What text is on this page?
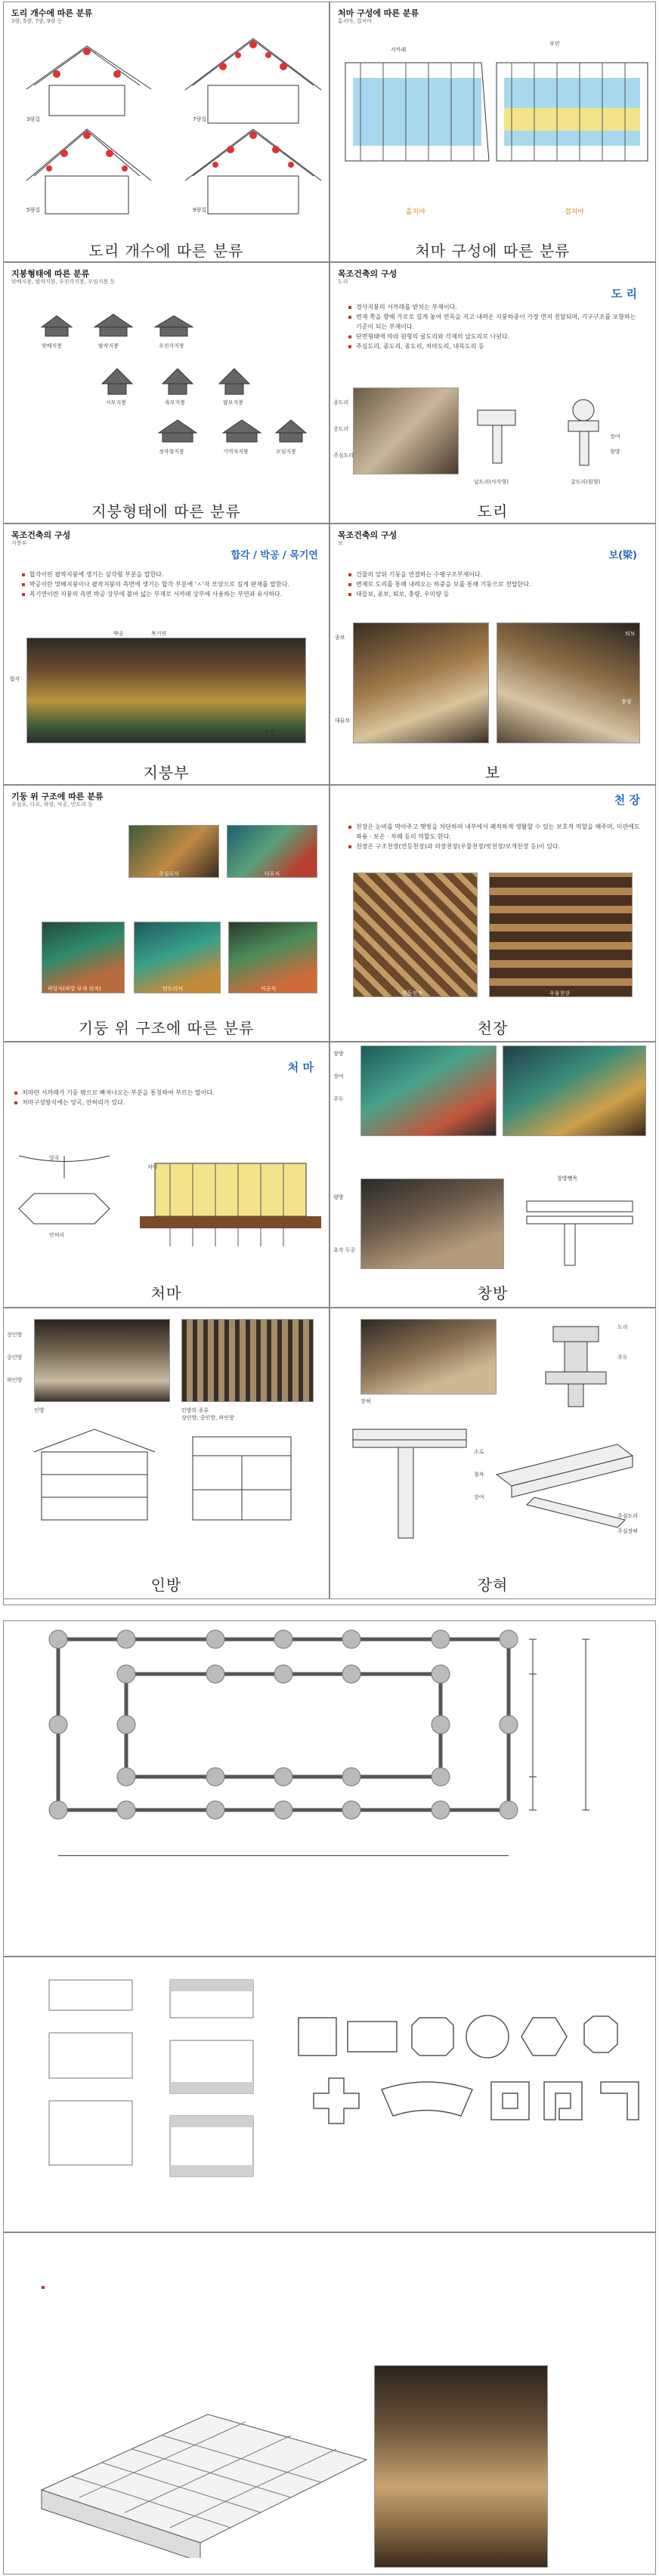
도리 개수에 따른 분류
3량, 5량, 7량, 9량 등
3량집	7량집
5량집	9량집
도리 개수에 따른 분류
처마 구성에 따른 분류
홑처마, 겹처마
서까래
부연
홑처마	겹처마
처마 구성에 따른 분류
지붕형태에 따른 분류
맞배지붕, 팔작지붕, 우진각지붕, 모임지붕 등
맞배지붕	팔작지붕	우진각지붕
사모지붕	육모지붕	팔모지붕
정자형지붕	기역자지붕	모임지붕
지붕형태에 따른 분류
목조건축의 구성
도리
도 리
경사지붕의 서까래를 받치는 부재이다.
변재 쪽을 향해 가로로 길게 놓여 연목을 지고 내려온 지붕하중이 가장 먼저 전달되며, 기구구조를 포함하는 기준이 되는 부재이다.
단면형태에 따라 원형의 굴도리와 각재의 납도리로 나뉜다.
주심도리, 중도리, 종도리, 처마도리, 내목도리 등
종도리
중도리
주심도리
납도리(사각형)	굴도리(원형)
장여
창방
도리
목조건축의 구성
지붕부
합각 / 박공 / 목기연
합각이란 팔작지붕에 생기는 삼각형 부분을 말한다.
박공이란 맞배지붕이나 팔작지붕의 측면에 생기는 합각 부분에 'ㅅ'자 모양으로 길게 판재를 말한다.
목기연이란 지붕의 측면 박공 상부에 붙어 넓는 부재로 서까래 상부에 사용하는 부연과 유사하다.
합각
박공	목기연
풍판
지붕부
목조건축의 구성
보
보(梁)
건물의 앞뒤 기둥을 연결하는 수평구조부재이다.
변재로 도리를 통해 내려오는 하중을 보를 통해 기둥으로 전달한다.
대들보, 종보, 퇴보, 충량, 우미량 등
종보
대들보
퇴보
충량
보
기둥 위 구조에 따른 분류
주심포, 다포, 하앙, 익공, 민도리 등
주심포식	다포식
하앙식(하앙 부재 위치)	민도리식	익공식
기둥 위 구조에 따른 분류
천 장
천장은 눈비를 막아주고 햇빛을 차단하며 내부에서 쾌적하게 생활할 수 있는 보호적 역할을 해주며, 미관에도 좌용 · 보온 · 차폐 등의 역할도 한다.
천장은 구조천장(연등천장)과 의장천장(우물천장/빗천장/보개천장 등)이 있다.
연등천장	우물천장
천장
처 마
처마란 서까래가 기둥 밖으로 빠져나오는 부분을 통칭하여 부르는 말이다.
처마구성방식에는 앙곡, 안허리가 있다.
앙곡
안허리
처마
처마
창방
장여
주두
평방
창방뺄목
초각 두공
창방
상인방
중인방
하인방
인방	인방의 종류
상인방, 중인방, 하인방
인방
장혀
도리
주두
소로
첨차
장여
주심도리
주심장혀
장혀
